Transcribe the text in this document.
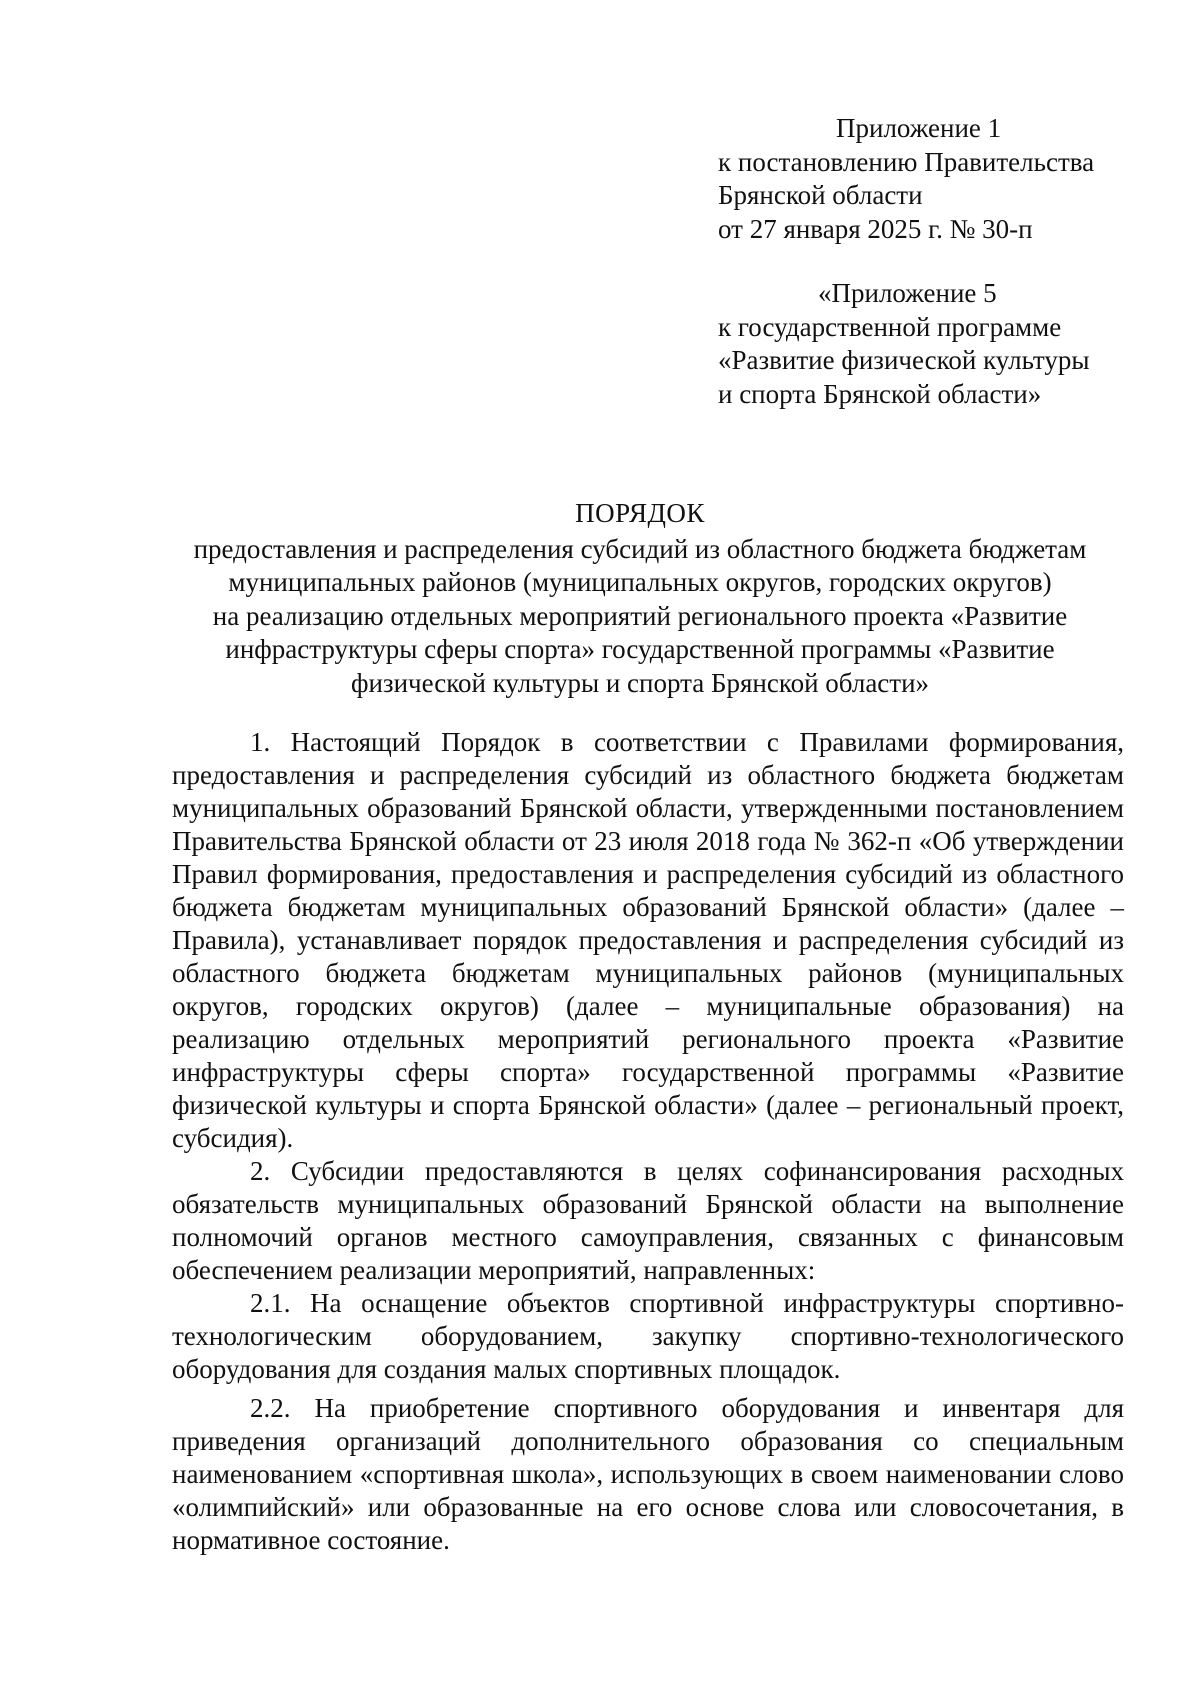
Приложение 1
к постановлению Правительства
Брянской области
от 27 января 2025 г. № 30-п
«Приложение 5
к государственной программе
«Развитие физической культуры
и спорта Брянской области»
ПОРЯДОК
предоставления и распределения субсидий из областного бюджета бюджетам
муниципальных районов (муниципальных округов, городских округов)
на реализацию отдельных мероприятий регионального проекта «Развитие
инфраструктуры сферы спорта» государственной программы «Развитие
физической культуры и спорта Брянской области»

1. Настоящий Порядок в соответствии с Правилами формирования, предоставления и распределения субсидий из областного бюджета бюджетам муниципальных образований Брянской области, утвержденными постановлением Правительства Брянской области от 23 июля 2018 года № 362-п «Об утверждении Правил формирования, предоставления и распределения субсидий из областного бюджета бюджетам муниципальных образований Брянской области» (далее – Правила), устанавливает порядок предоставления и распределения субсидий из областного бюджета бюджетам муниципальных районов (муниципальных округов, городских округов) (далее – муниципальные образования) на реализацию отдельных мероприятий регионального проекта «Развитие инфраструктуры сферы спорта» государственной программы «Развитие физической культуры и спорта Брянской области» (далее – региональный проект, субсидия).

2. Субсидии предоставляются в целях софинансирования расходных обязательств муниципальных образований Брянской области на выполнение полномочий органов местного самоуправления, связанных с финансовым обеспечением реализации мероприятий, направленных:

2.1. На оснащение объектов спортивной инфраструктуры спортивно-технологическим оборудованием, закупку спортивно-технологического оборудования для создания малых спортивных площадок.

2.2. На приобретение спортивного оборудования и инвентаря для приведения организаций дополнительного образования со специальным наименованием «спортивная школа», использующих в своем наименовании слово «олимпийский» или образованные на его основе слова или словосочетания, в нормативное состояние.
